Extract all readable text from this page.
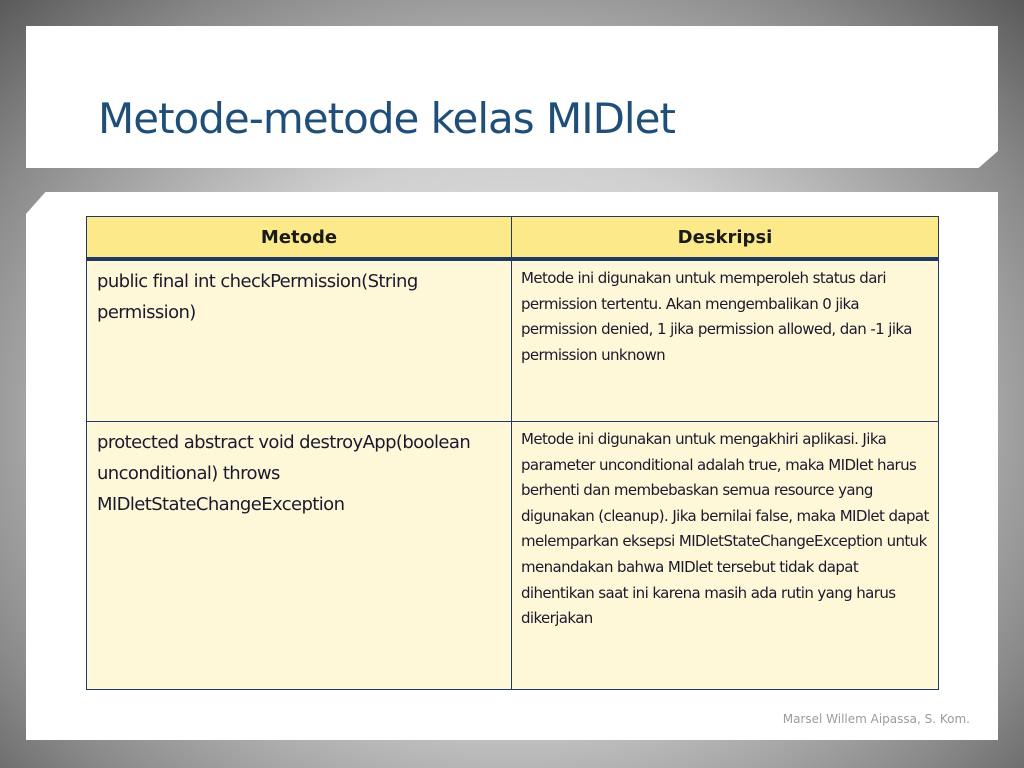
Metode-metode kelas MIDlet
Metode	Deskripsi
public final int checkPermission(String permission)	Metode ini digunakan untuk memperoleh status dari permission tertentu. Akan mengembalikan 0 jika permission denied, 1 jika permission allowed, dan -1 jika permission unknown
protected abstract void destroyApp(boolean unconditional) throws MIDletStateChangeException	Metode ini digunakan untuk mengakhiri aplikasi. Jika parameter unconditional adalah true, maka MIDlet harus berhenti dan membebaskan semua resource yang digunakan (cleanup). Jika bernilai false, maka MIDlet dapat melemparkan eksepsi MIDletStateChangeException untuk menandakan bahwa MIDlet tersebut tidak dapat dihentikan saat ini karena masih ada rutin yang harus dikerjakan
Marsel Willem Aipassa, S. Kom.
